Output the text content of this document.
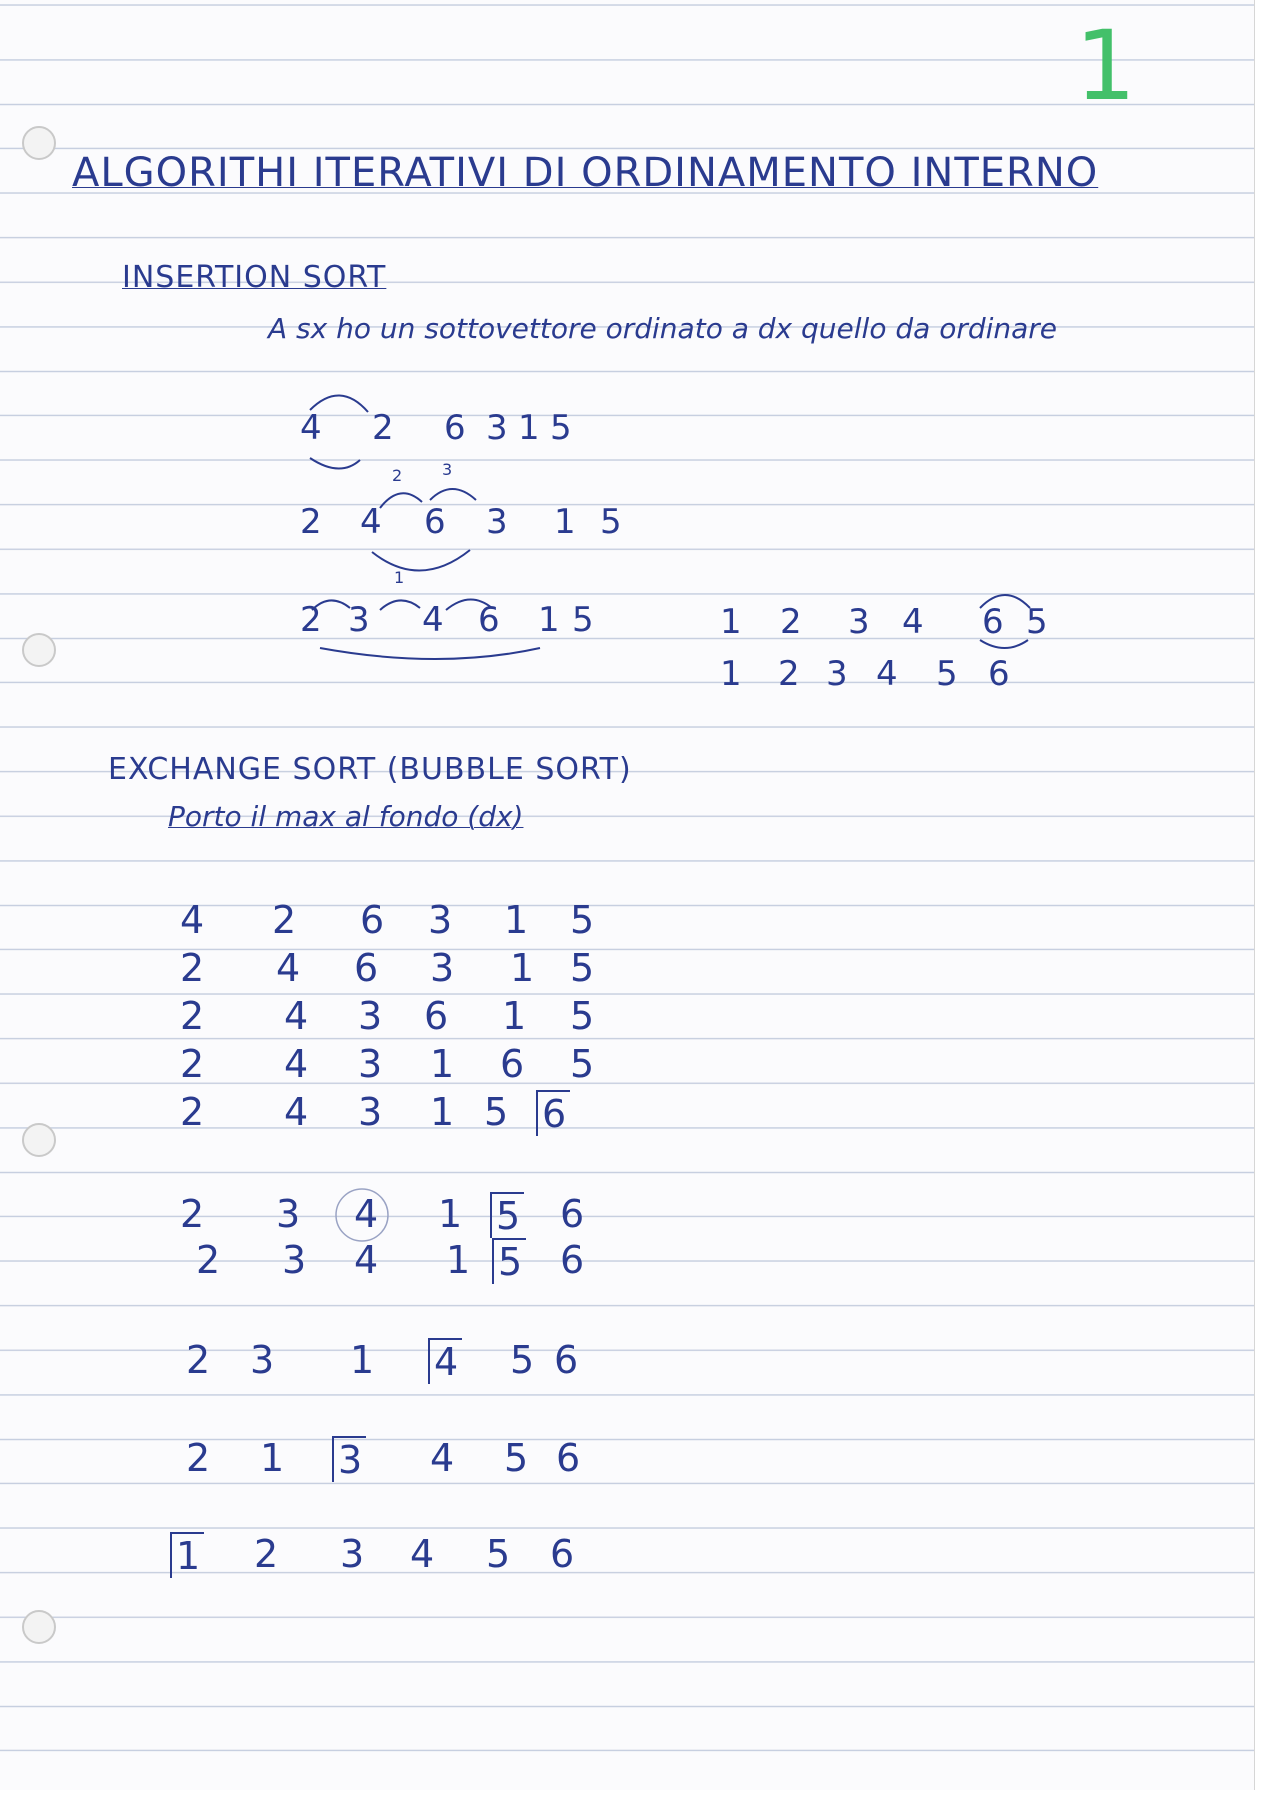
1
ALGORITHI ITERATIVI DI ORDINAMENTO INTERNO
INSERTION SORT
A sx ho un sottovettore ordinato a dx quello da ordinare
4 2 6 3 1 5
2 4 6 3 1 5
2 3 4 6 1 5	1 2 3 4 6 5
1 2 3 4 5 6
2 3
1
EXCHANGE SORT (BUBBLE SORT)
Porto il max al fondo (dx)
4 2 6 3 1 5
2 4 6 3 1 5
2 4 3 6 1 5
2 4 3 1 6 5
2 4 3 1 5 6
2 3 4 1 5 6
2 3 4 1 5 6
2 3 1 4 5 6
2 1 3 4 5 6
1 2 3 4 5 6
